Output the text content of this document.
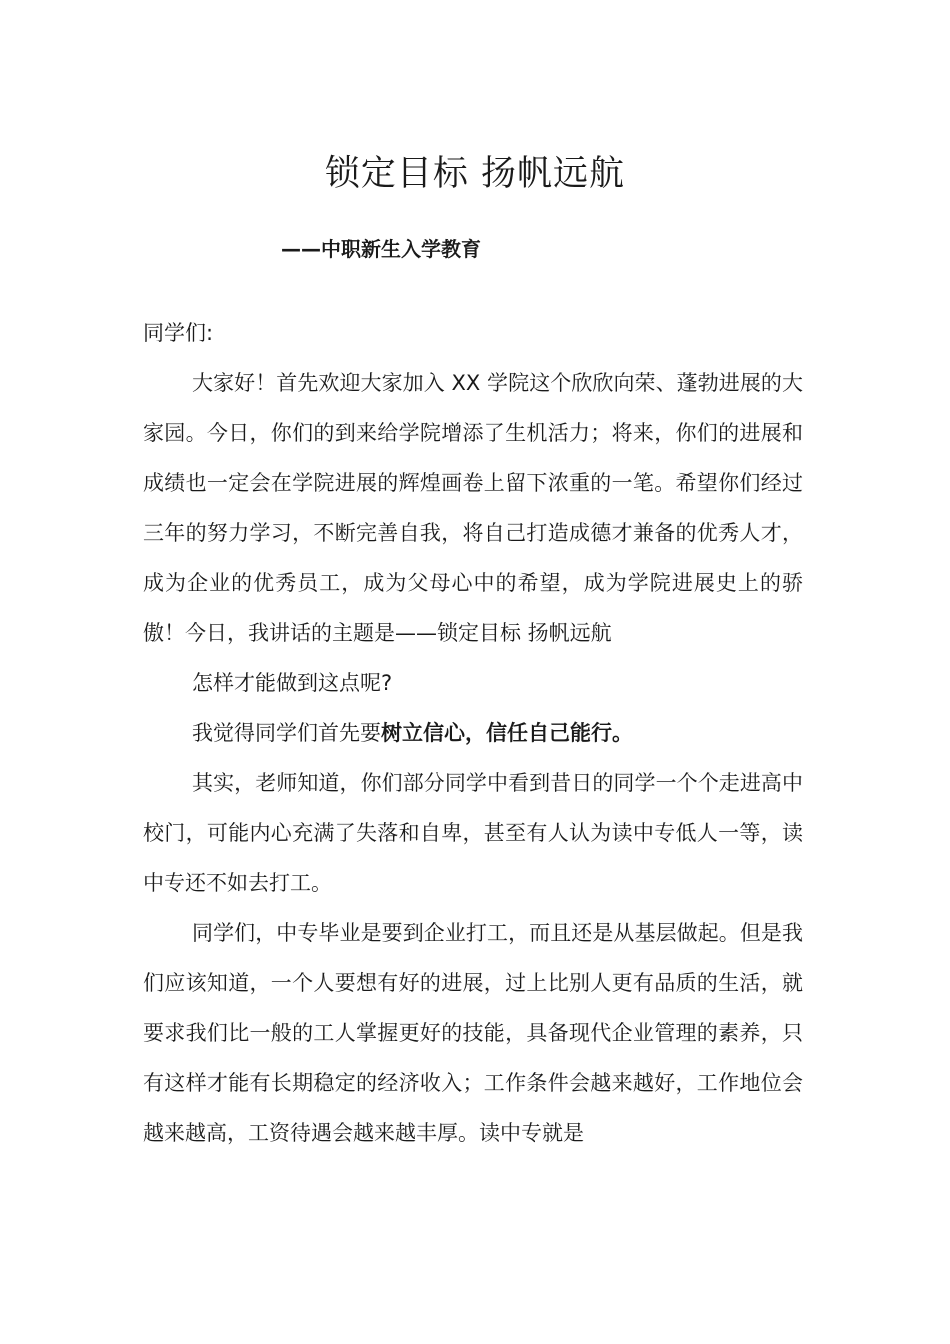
锁定目标 扬帆远航
——中职新生入学教育

同学们:

大家好！首先欢迎大家加入 XX 学院这个欣欣向荣、蓬勃进展的大家园。今日，你们的到来给学院增添了生机活力；将来，你们的进展和成绩也一定会在学院进展的辉煌画卷上留下浓重的一笔。希望你们经过三年的努力学习，不断完善自我，将自己打造成德才兼备的优秀人才，成为企业的优秀员工，成为父母心中的希望，成为学院进展史上的骄傲！今日，我讲话的主题是——锁定目标 扬帆远航

怎样才能做到这点呢?

我觉得同学们首先要树立信心，信任自己能行。

其实，老师知道，你们部分同学中看到昔日的同学一个个走进高中校门，可能内心充满了失落和自卑，甚至有人认为读中专低人一等，读中专还不如去打工。

同学们，中专毕业是要到企业打工，而且还是从基层做起。但是我们应该知道，一个人要想有好的进展，过上比别人更有品质的生活，就要求我们比一般的工人掌握更好的技能，具备现代企业管理的素养，只有这样才能有长期稳定的经济收入；工作条件会越来越好，工作地位会越来越高，工资待遇会越来越丰厚。读中专就是
